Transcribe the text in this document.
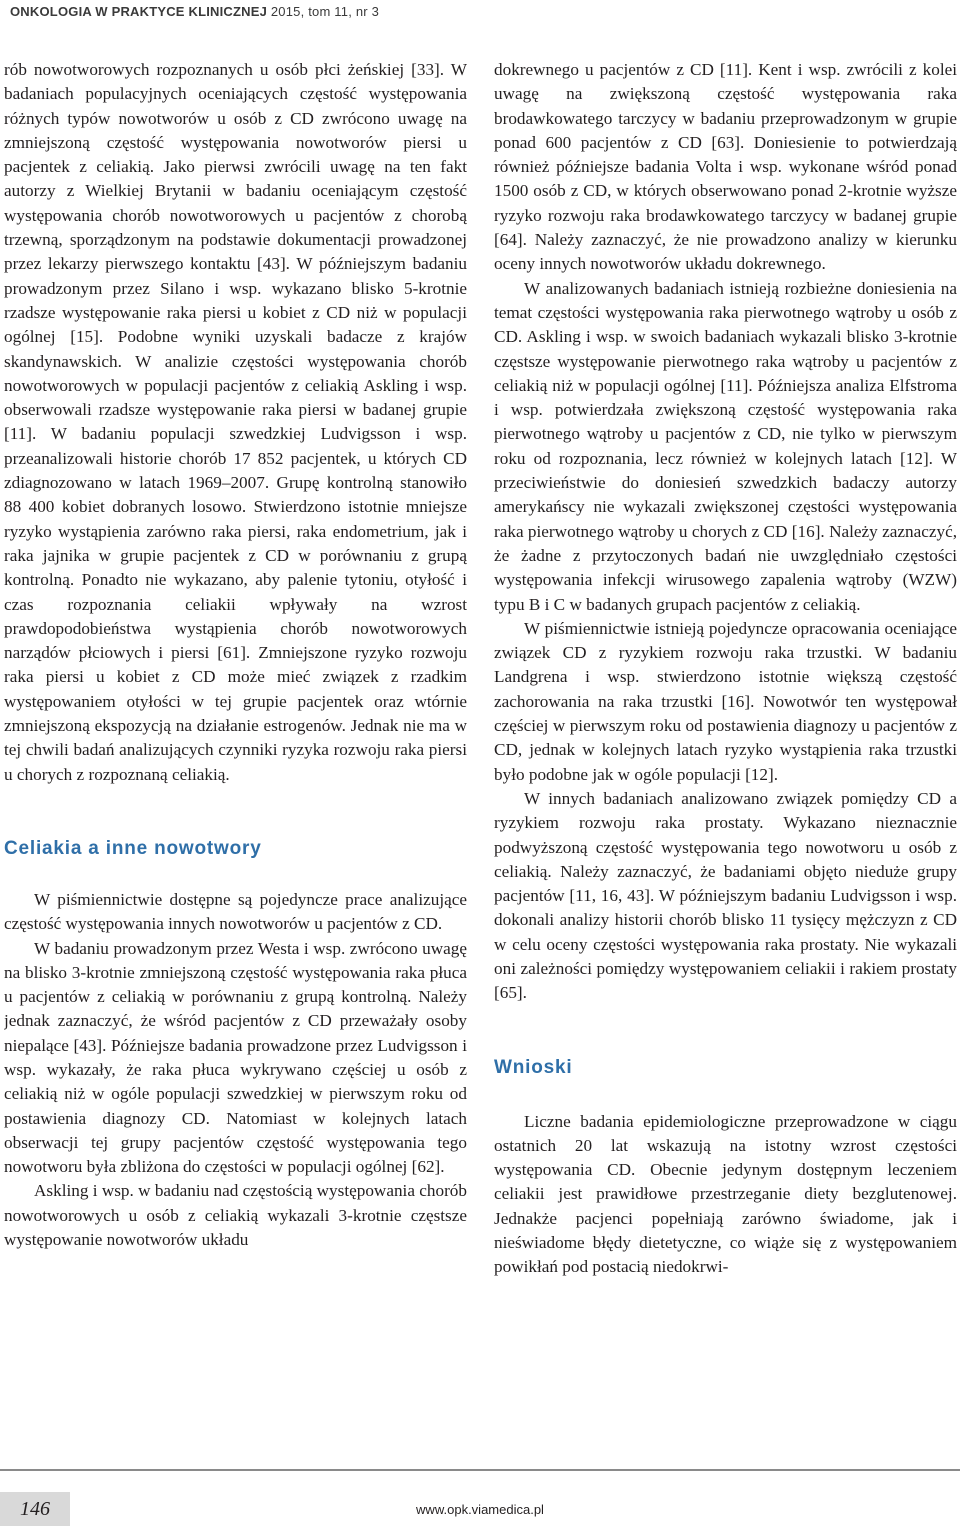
ONKOLOGIA W PRAKTYCE KLINICZNEJ 2015, tom 11, nr 3

rób nowotworowych rozpoznanych u osób płci żeńskiej [33]. W badaniach populacyjnych oceniających częstość występowania różnych typów nowotworów u osób z CD zwrócono uwagę na zmniejszoną częstość występowania nowotworów piersi u pacjentek z celiakią. Jako pierwsi zwrócili uwagę na ten fakt autorzy z Wielkiej Brytanii w badaniu oceniającym częstość występowania chorób nowotworowych u pacjentów z chorobą trzewną, sporządzonym na podstawie dokumentacji prowadzonej przez lekarzy pierwszego kontaktu [43]. W późniejszym badaniu prowadzonym przez Silano i wsp. wykazano blisko 5-krotnie rzadsze występowanie raka piersi u kobiet z CD niż w populacji ogólnej [15]. Podobne wyniki uzyskali badacze z krajów skandynawskich. W analizie częstości występowania chorób nowotworowych w populacji pacjentów z celiakią Askling i wsp. obserwowali rzadsze występowanie raka piersi w badanej grupie [11]. W badaniu populacji szwedzkiej Ludvigsson i wsp. przeanalizowali historie chorób 17 852 pacjentek, u których CD zdiagnozowano w latach 1969–2007. Grupę kontrolną stanowiło 88 400 kobiet dobranych losowo. Stwierdzono istotnie mniejsze ryzyko wystąpienia zarówno raka piersi, raka endometrium, jak i raka jajnika w grupie pacjentek z CD w porównaniu z grupą kontrolną. Ponadto nie wykazano, aby palenie tytoniu, otyłość i czas rozpoznania celiakii wpływały na wzrost prawdopodobieństwa wystąpienia chorób nowotworowych narządów płciowych i piersi [61]. Zmniejszone ryzyko rozwoju raka piersi u kobiet z CD może mieć związek z rzadkim występowaniem otyłości w tej grupie pacjentek oraz wtórnie zmniejszoną ekspozycją na działanie estrogenów. Jednak nie ma w tej chwili badań analizujących czynniki ryzyka rozwoju raka piersi u chorych z rozpoznaną celiakią.

Celiakia a inne nowotwory

W piśmiennictwie dostępne są pojedyncze prace analizujące częstość występowania innych nowotworów u pacjentów z CD.

W badaniu prowadzonym przez Westa i wsp. zwrócono uwagę na blisko 3-krotnie zmniejszoną częstość występowania raka płuca u pacjentów z celiakią w porównaniu z grupą kontrolną. Należy jednak zaznaczyć, że wśród pacjentów z CD przeważały osoby niepalące [43]. Późniejsze badania prowadzone przez Ludvigsson i wsp. wykazały, że raka płuca wykrywano częściej u osób z celiakią niż w ogóle populacji szwedzkiej w pierwszym roku od postawienia diagnozy CD. Natomiast w kolejnych latach obserwacji tej grupy pacjentów częstość występowania tego nowotworu była zbliżona do częstości w populacji ogólnej [62].

Askling i wsp. w badaniu nad częstością występowania chorób nowotworowych u osób z celiakią wykazali 3-krotnie częstsze występowanie nowotworów układu

dokrewnego u pacjentów z CD [11]. Kent i wsp. zwrócili z kolei uwagę na zwiększoną częstość występowania raka brodawkowatego tarczycy w badaniu przeprowadzonym w grupie ponad 600 pacjentów z CD [63]. Doniesienie to potwierdzają również późniejsze badania Volta i wsp. wykonane wśród ponad 1500 osób z CD, w których obserwowano ponad 2-krotnie wyższe ryzyko rozwoju raka brodawkowatego tarczycy w badanej grupie [64]. Należy zaznaczyć, że nie prowadzono analizy w kierunku oceny innych nowotworów układu dokrewnego.

W analizowanych badaniach istnieją rozbieżne doniesienia na temat częstości występowania raka pierwotnego wątroby u osób z CD. Askling i wsp. w swoich badaniach wykazali blisko 3-krotnie częstsze występowanie pierwotnego raka wątroby u pacjentów z celiakią niż w populacji ogólnej [11]. Późniejsza analiza Elfstroma i wsp. potwierdzała zwiększoną częstość występowania raka pierwotnego wątroby u pacjentów z CD, nie tylko w pierwszym roku od rozpoznania, lecz również w kolejnych latach [12]. W przeciwieństwie do doniesień szwedzkich badaczy autorzy amerykańscy nie wykazali zwiększonej częstości występowania raka pierwotnego wątroby u chorych z CD [16]. Należy zaznaczyć, że żadne z przytoczonych badań nie uwzględniało częstości występowania infekcji wirusowego zapalenia wątroby (WZW) typu B i C w badanych grupach pacjentów z celiakią.

W piśmiennictwie istnieją pojedyncze opracowania oceniające związek CD z ryzykiem rozwoju raka trzustki. W badaniu Landgrena i wsp. stwierdzono istotnie większą częstość zachorowania na raka trzustki [16]. Nowotwór ten występował częściej w pierwszym roku od postawienia diagnozy u pacjentów z CD, jednak w kolejnych latach ryzyko wystąpienia raka trzustki było podobne jak w ogóle populacji [12].

W innych badaniach analizowano związek pomiędzy CD a ryzykiem rozwoju raka prostaty. Wykazano nieznacznie podwyższoną częstość występowania tego nowotworu u osób z celiakią. Należy zaznaczyć, że badaniami objęto nieduże grupy pacjentów [11, 16, 43]. W późniejszym badaniu Ludvigsson i wsp. dokonali analizy historii chorób blisko 11 tysięcy mężczyzn z CD w celu oceny częstości występowania raka prostaty. Nie wykazali oni zależności pomiędzy występowaniem celiakii i rakiem prostaty [65].

Wnioski

Liczne badania epidemiologiczne przeprowadzone w ciągu ostatnich 20 lat wskazują na istotny wzrost częstości występowania CD. Obecnie jedynym dostępnym leczeniem celiakii jest prawidłowe przestrzeganie diety bezglutenowej. Jednakże pacjenci popełniają zarówno świadome, jak i nieświadome błędy dietetyczne, co wiąże się z występowaniem powikłań pod postacią niedokrwi-

146	www.opk.viamedica.pl
